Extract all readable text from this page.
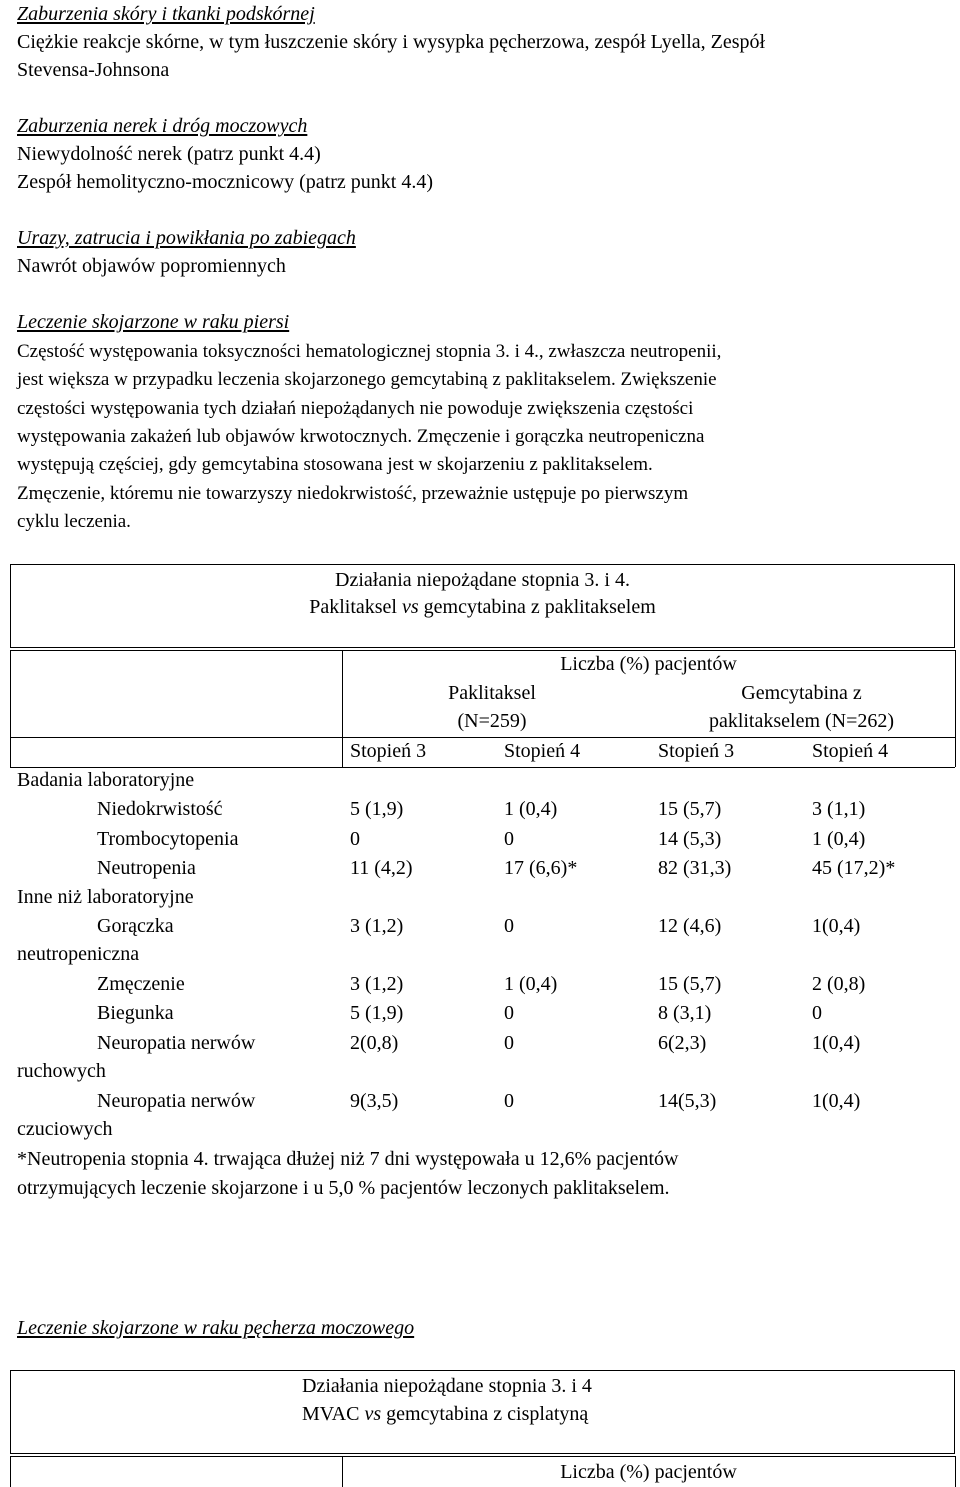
Zaburzenia skóry i tkanki podskórnej
Ciężkie reakcje skórne, w tym łuszczenie skóry i wysypka pęcherzowa, zespół Lyella, Zespół
Stevensa-Johnsona
Zaburzenia nerek i dróg moczowych
Niewydolność nerek (patrz punkt 4.4)
Zespół hemolityczno-mocznicowy (patrz punkt 4.4)
Urazy, zatrucia i powikłania po zabiegach
Nawrót objawów popromiennych
Leczenie skojarzone w raku piersi
Częstość występowania toksyczności hematologicznej stopnia 3. i 4., zwłaszcza neutropenii,
jest większa w przypadku leczenia skojarzonego gemcytabiną z paklitakselem. Zwiększenie
częstości występowania tych działań niepożądanych nie powoduje zwiększenia częstości
występowania zakażeń lub objawów krwotocznych. Zmęczenie i gorączka neutropeniczna
występują częściej, gdy gemcytabina stosowana jest w skojarzeniu z paklitakselem.
Zmęczenie, któremu nie towarzyszy niedokrwistość, przeważnie ustępuje po pierwszym
cyklu leczenia.
Działania niepożądane stopnia 3. i 4.
Paklitaksel vs gemcytabina z paklitakselem
Liczba (%) pacjentów
Paklitaksel
(N=259)
Gemcytabina z
paklitakselem (N=262)
Stopień 3	Stopień 4	Stopień 3	Stopień 4
Badania laboratoryjne
Niedokrwistość	5 (1,9)	1 (0,4)	15 (5,7)	3 (1,1)
Trombocytopenia	0	0	14 (5,3)	1 (0,4)
Neutropenia	11 (4,2)	17 (6,6)*	82 (31,3)	45 (17,2)*
Inne niż laboratoryjne
Gorączka
neutropeniczna
3 (1,2)	0	12 (4,6)	1(0,4)
Zmęczenie	3 (1,2)	1 (0,4)	15 (5,7)	2 (0,8)
Biegunka	5 (1,9)	0	8 (3,1)	0
Neuropatia nerwów
ruchowych
2(0,8)	0	6(2,3)	1(0,4)
Neuropatia nerwów
czuciowych
9(3,5)	0	14(5,3)	1(0,4)
*Neutropenia stopnia 4. trwająca dłużej niż 7 dni występowała u 12,6% pacjentów
otrzymujących leczenie skojarzone i u 5,0 % pacjentów leczonych paklitakselem.
Leczenie skojarzone w raku pęcherza moczowego
Działania niepożądane stopnia 3. i 4
MVAC vs gemcytabina z cisplatyną
Liczba (%) pacjentów
